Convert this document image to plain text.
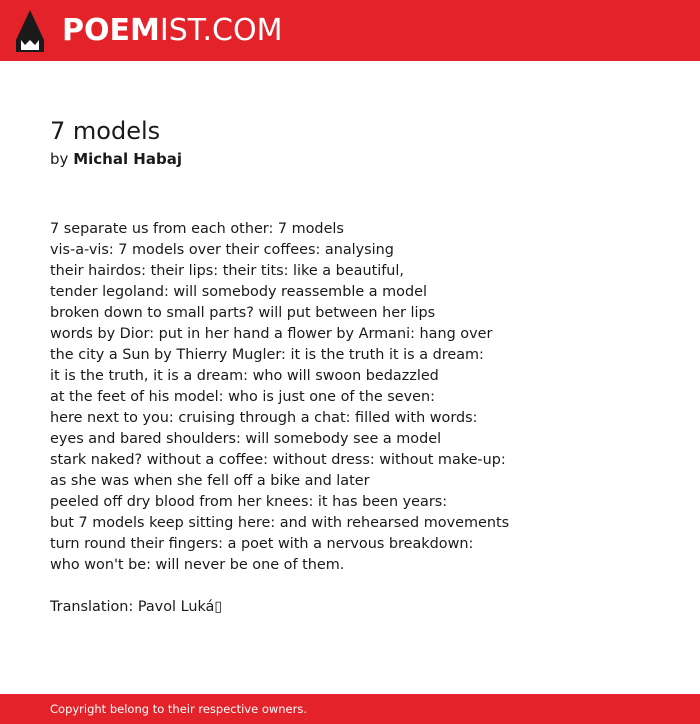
POEMIST.COM
7 models
by Michal Habaj
7 separate us from each other: 7 models
vis-a-vis: 7 models over their coffees: analysing
their hairdos: their lips: their tits: like a beautiful,
tender legoland: will somebody reassemble a model
broken down to small parts? will put between her lips
words by Dior: put in her hand a flower by Armani: hang over
the city a Sun by Thierry Mugler: it is the truth it is a dream:
it is the truth, it is a dream: who will swoon bedazzled
at the feet of his model: who is just one of the seven:
here next to you: cruising through a chat: filled with words:
eyes and bared shoulders: will somebody see a model
stark naked? without a coffee: without dress: without make-up:
as she was when she fell off a bike and later
peeled off dry blood from her knees: it has been years:
but 7 models keep sitting here: and with rehearsed movements
turn round their fingers: a poet with a nervous breakdown:
who won't be: will never be one of them.
Translation: Pavol Luká▯
Copyright belong to their respective owners.
